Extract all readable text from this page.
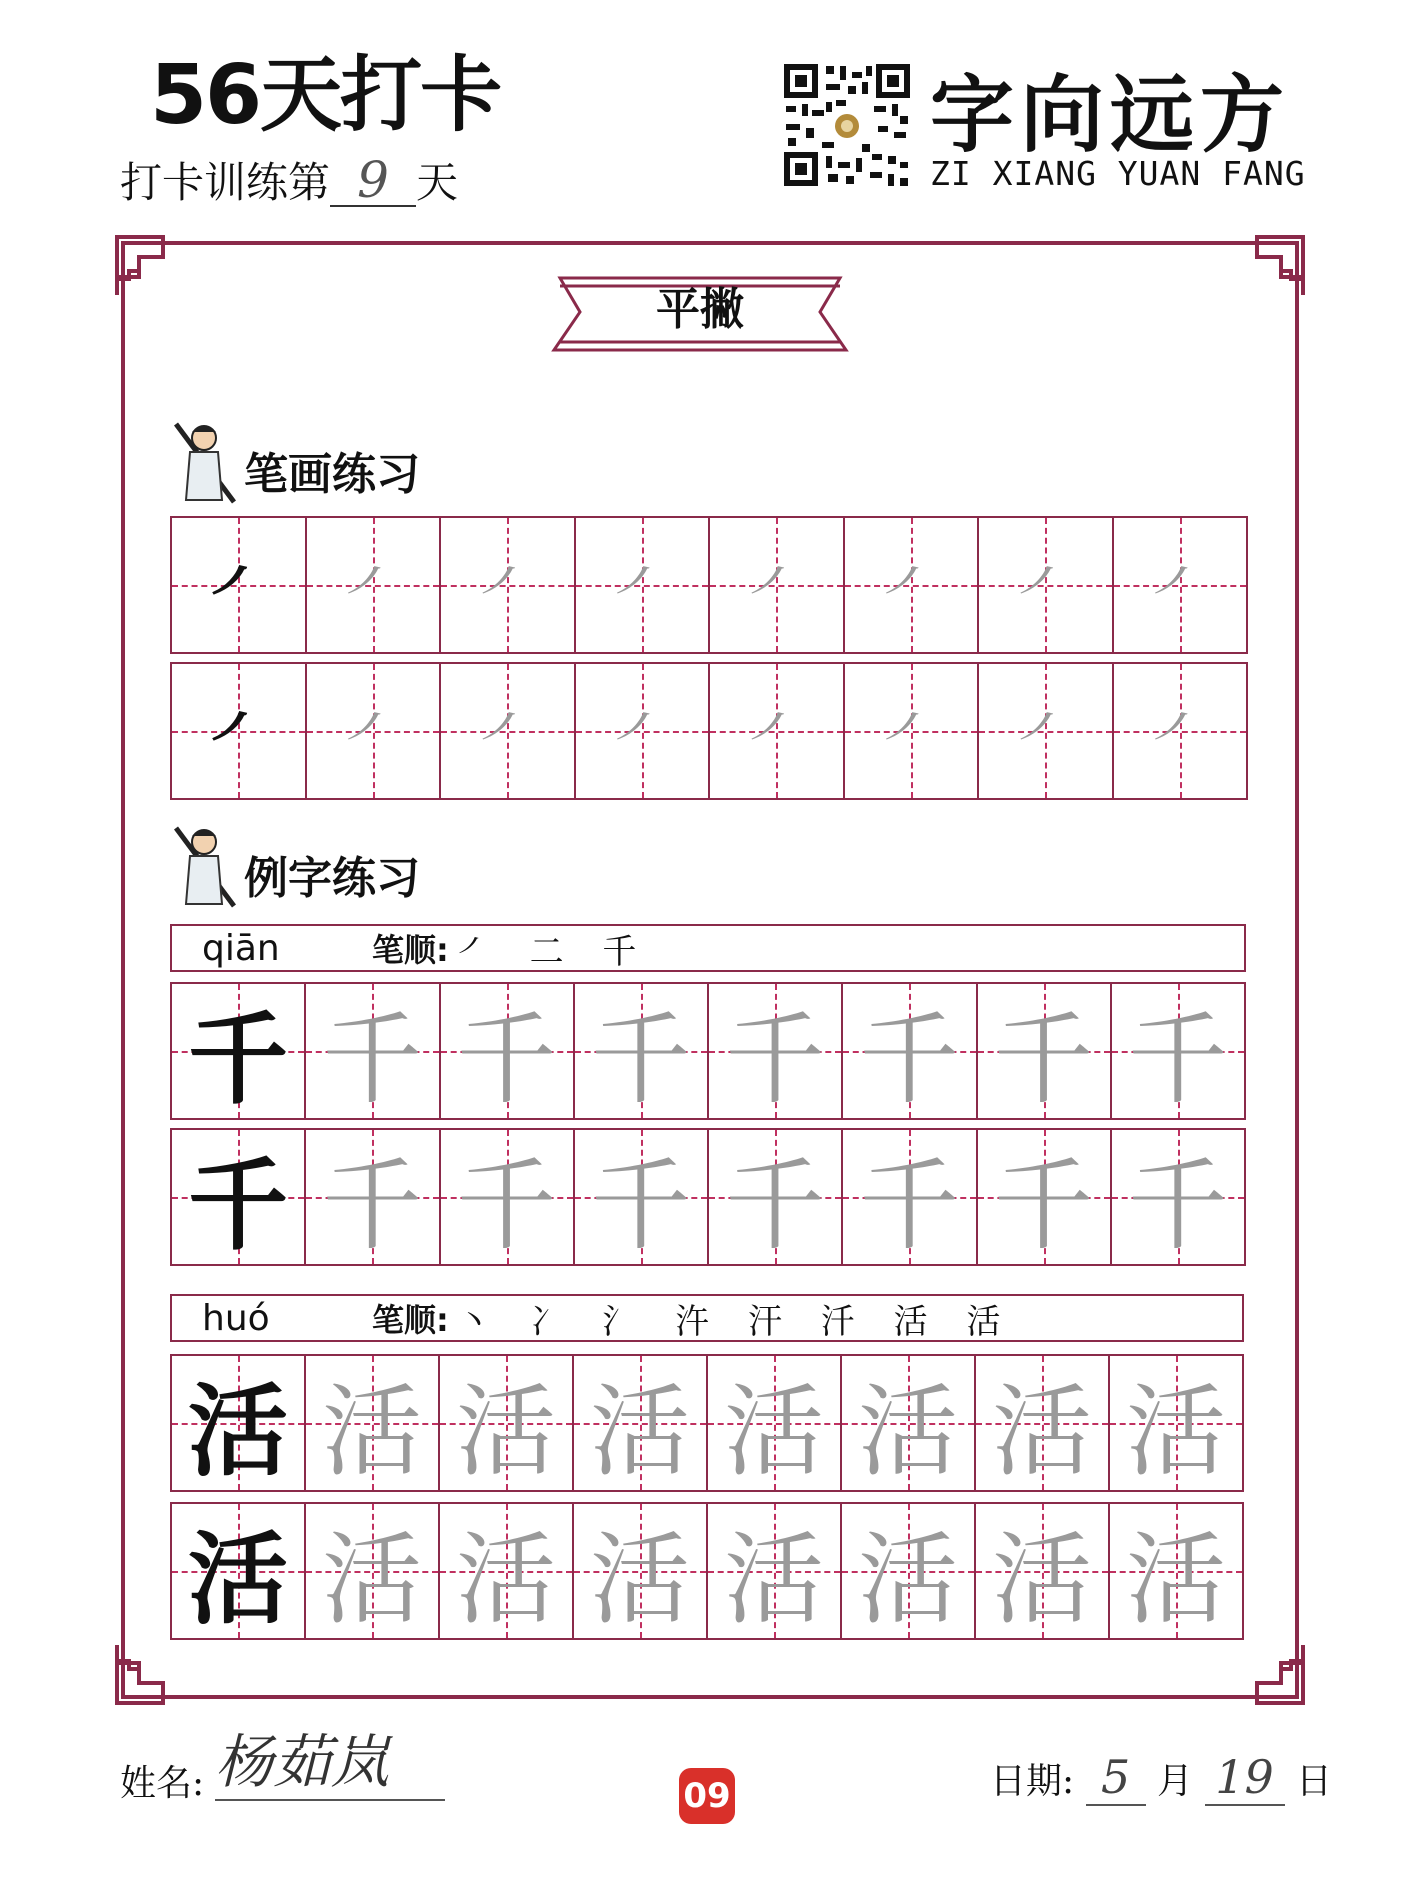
56天打卡
打卡训练第 9 天
字向远方
ZI XIANG YUAN FANG
平撇
笔画练习
㇒	㇒	㇒	㇒	㇒	㇒	㇒	㇒
㇒	㇒	㇒	㇒	㇒	㇒	㇒	㇒
例字练习
qiān	笔顺: ㇒ 二 千
千 千 千 千 千 千 千 千
千 千 千 千 千 千 千 千
huó	笔顺: 丶 冫 氵 汻 汗 汘 活 活
活 活 活 活 活 活 活 活
活 活 活 活 活 活 活 活
姓名: 杨茹岚	09	日期: 5 月 19 日
